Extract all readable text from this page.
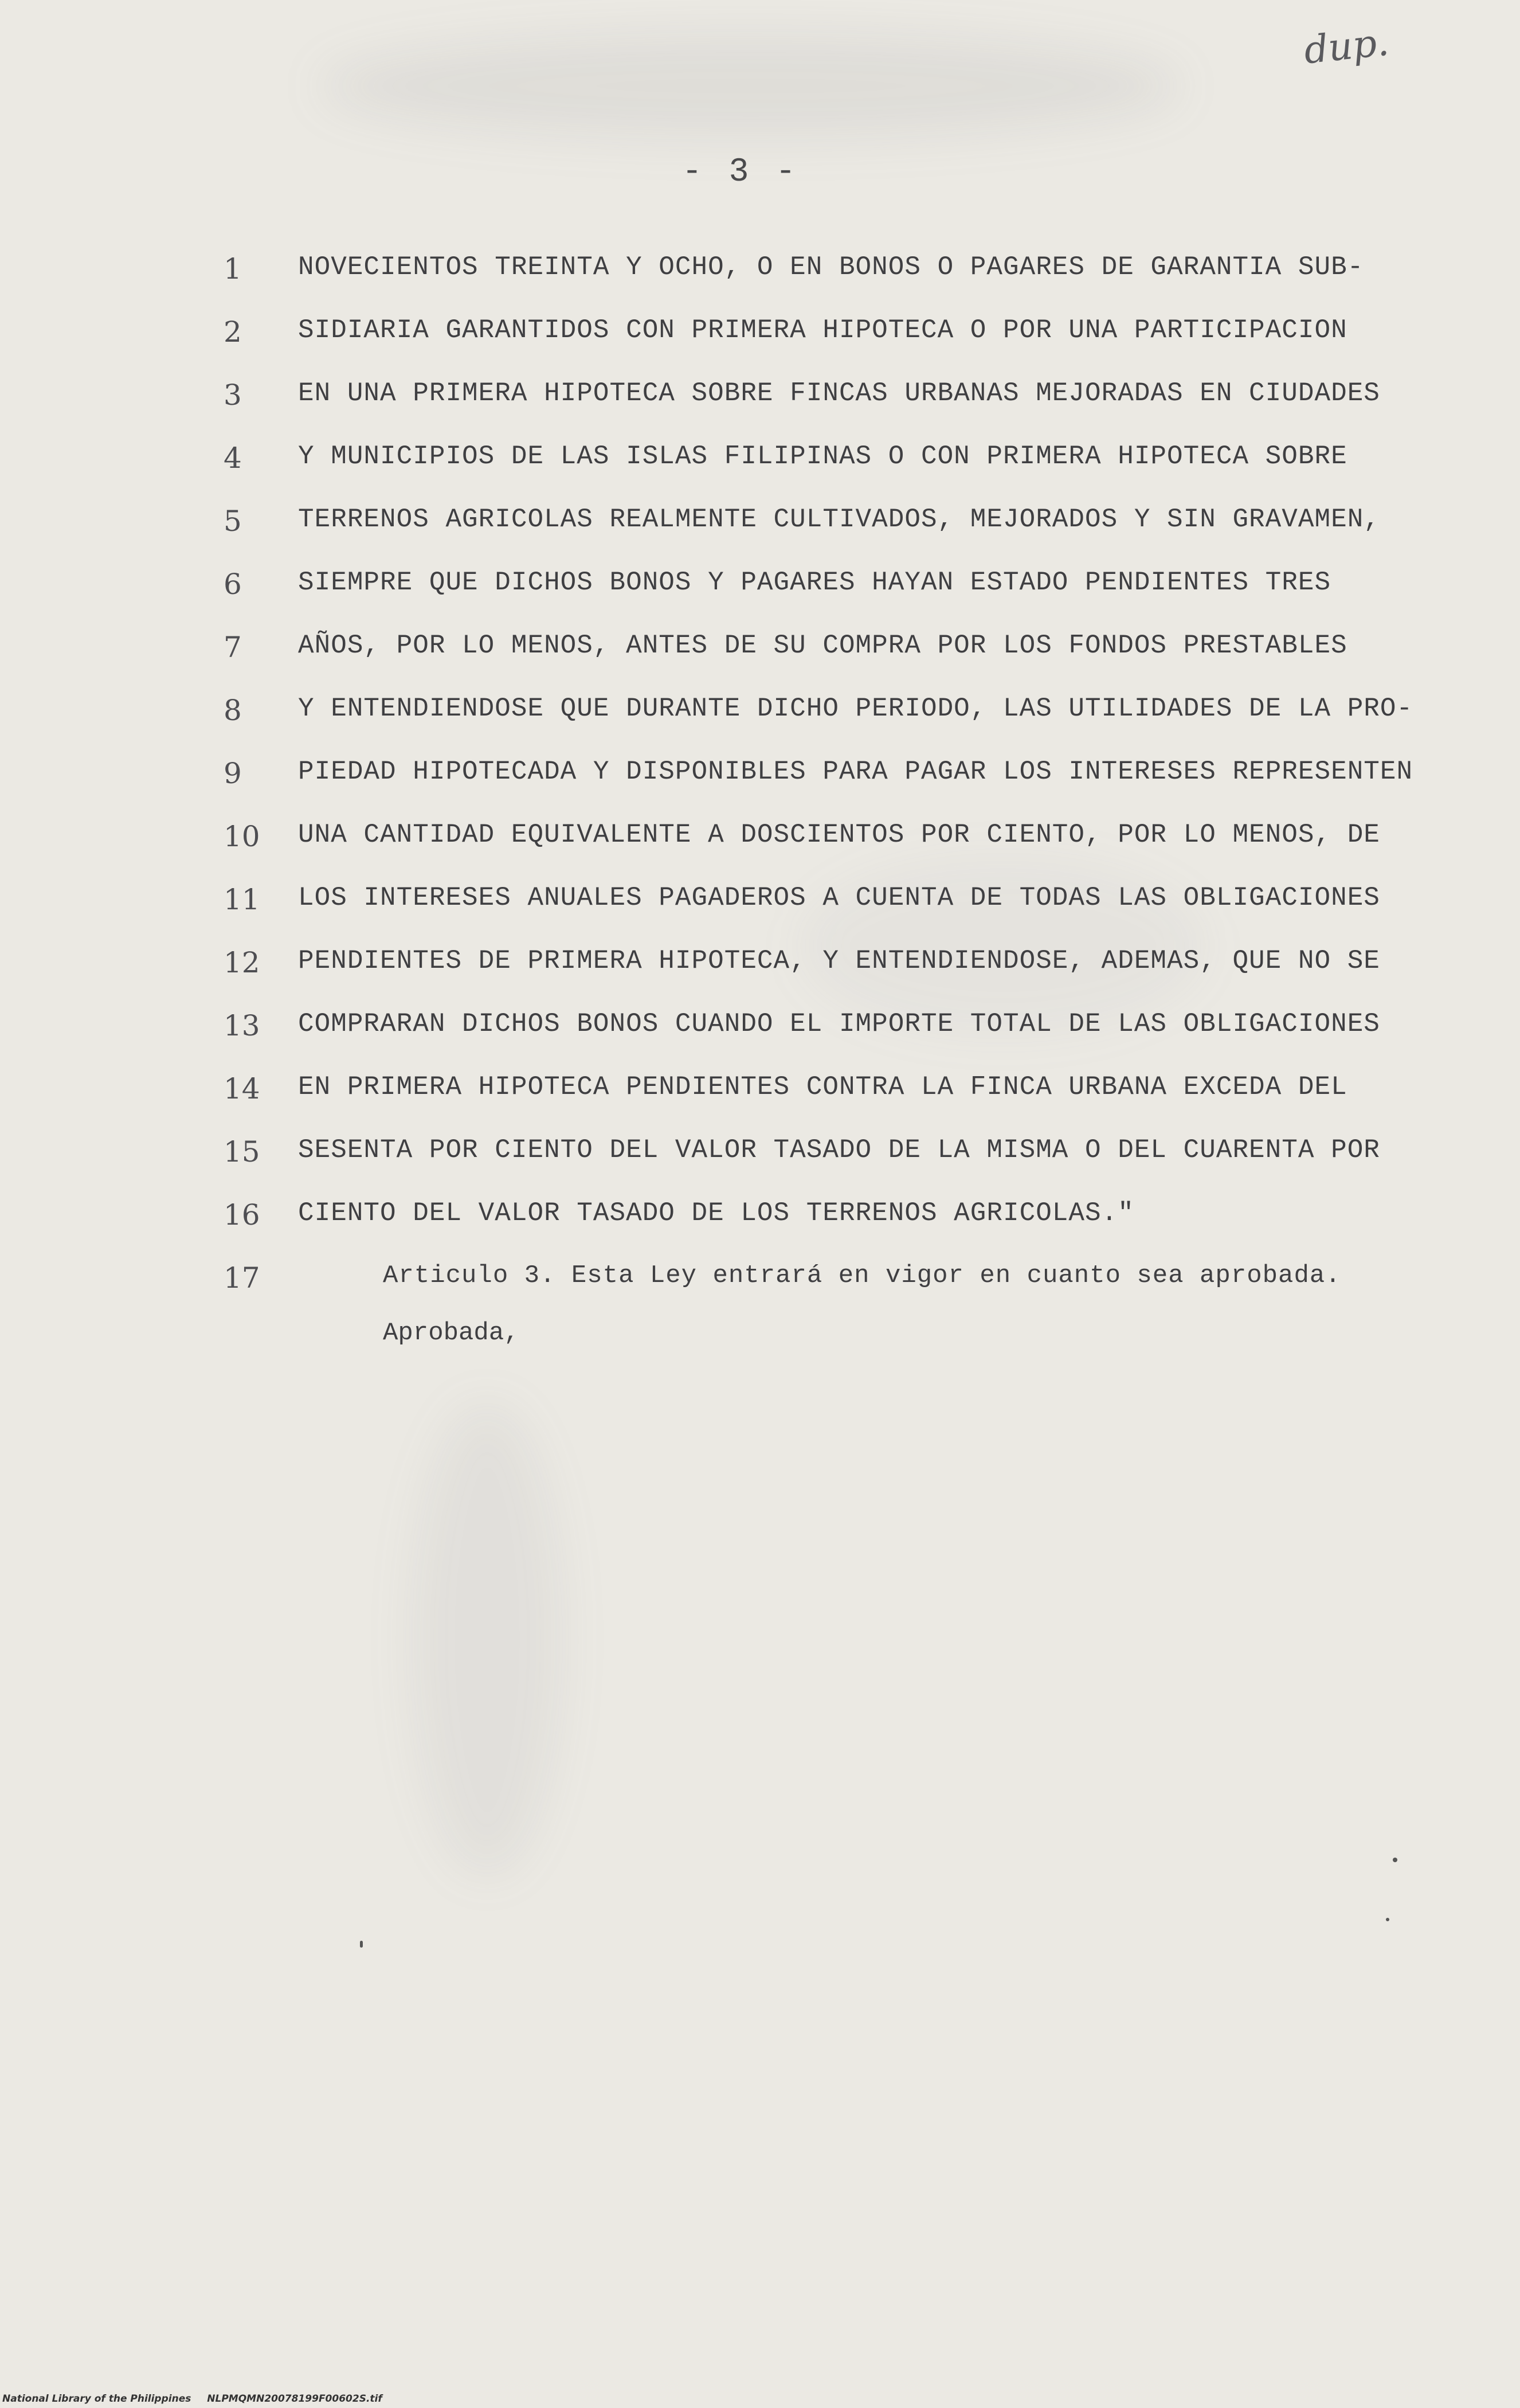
dup.
- 3 -
1 NOVECIENTOS TREINTA Y OCHO, O EN BONOS O PAGARES DE GARANTIA SUB-
2 SIDIARIA GARANTIDOS CON PRIMERA HIPOTECA O POR UNA PARTICIPACION
3 EN UNA PRIMERA HIPOTECA SOBRE FINCAS URBANAS MEJORADAS EN CIUDADES
4 Y MUNICIPIOS DE LAS ISLAS FILIPINAS O CON PRIMERA HIPOTECA SOBRE
5 TERRENOS AGRICOLAS REALMENTE CULTIVADOS, MEJORADOS Y SIN GRAVAMEN,
6 SIEMPRE QUE DICHOS BONOS Y PAGARES HAYAN ESTADO PENDIENTES TRES
7 AÑOS, POR LO MENOS, ANTES DE SU COMPRA POR LOS FONDOS PRESTABLES
8 Y ENTENDIENDOSE QUE DURANTE DICHO PERIODO, LAS UTILIDADES DE LA PRO-
9 PIEDAD HIPOTECADA Y DISPONIBLES PARA PAGAR LOS INTERESES REPRESENTEN
10 UNA CANTIDAD EQUIVALENTE A DOSCIENTOS POR CIENTO, POR LO MENOS, DE
11 LOS INTERESES ANUALES PAGADEROS A CUENTA DE TODAS LAS OBLIGACIONES
12 PENDIENTES DE PRIMERA HIPOTECA, Y ENTENDIENDOSE, ADEMAS, QUE NO SE
13 COMPRARAN DICHOS BONOS CUANDO EL IMPORTE TOTAL DE LAS OBLIGACIONES
14 EN PRIMERA HIPOTECA PENDIENTES CONTRA LA FINCA URBANA EXCEDA DEL
15 SESENTA POR CIENTO DEL VALOR TASADO DE LA MISMA O DEL CUARENTA POR
16 CIENTO DEL VALOR TASADO DE LOS TERRENOS AGRICOLAS."
17	Articulo 3. Esta Ley entrará en vigor en cuanto sea aprobada.
Aprobada,
National Library of the Philippines NLPMQMN20078199F00602S.tif
